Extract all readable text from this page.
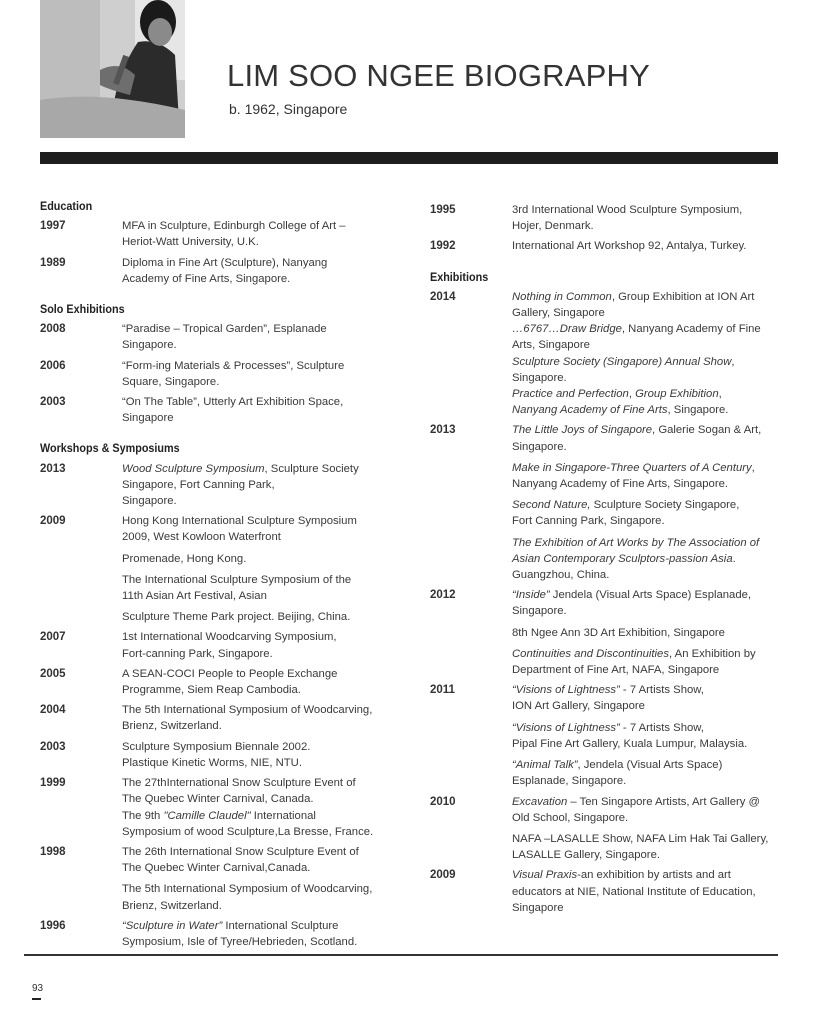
LIM SOO NGEE BIOGRAPHY
b. 1962, Singapore
Education
1997	MFA in Sculpture, Edinburgh College of Art –
Heriot-Watt University, U.K.
1989	Diploma in Fine Art (Sculpture), Nanyang
Academy of Fine Arts, Singapore.
Solo Exhibitions
2008	“Paradise – Tropical Garden”, Esplanade
Singapore.
2006	“Form-ing Materials & Processes”, Sculpture
Square, Singapore.
2003	“On The Table”, Utterly Art Exhibition Space,
Singapore
Workshops & Symposiums
2013	Wood Sculpture Symposium, Sculpture Society
Singapore, Fort Canning Park,
Singapore.
2009	Hong Kong International Sculpture Symposium
2009, West Kowloon Waterfront
Promenade, Hong Kong.
The International Sculpture Symposium of the
11th Asian Art Festival, Asian
Sculpture Theme Park project. Beijing, China.
2007	1st International Woodcarving Symposium,
Fort-canning Park, Singapore.
2005	A SEAN-COCI People to People Exchange
Programme, Siem Reap Cambodia.
2004	The 5th International Symposium of Woodcarving,
Brienz, Switzerland.
2003	Sculpture Symposium Biennale 2002.
Plastique Kinetic Worms, NIE, NTU.
1999	The 27thInternational Snow Sculpture Event of
The Quebec Winter Carnival, Canada.
The 9th "Camille Claudel" International
Symposium of wood Sculpture,La Bresse, France.
1998	The 26th International Snow Sculpture Event of
The Quebec Winter Carnival,Canada.
The 5th International Symposium of Woodcarving,
Brienz, Switzerland.
1996	“Sculpture in Water” International Sculpture
Symposium, Isle of Tyree/Hebrieden, Scotland.
1995	3rd International Wood Sculpture Symposium,
Hojer, Denmark.
1992	International Art Workshop 92, Antalya, Turkey.
Exhibitions
2014	Nothing in Common, Group Exhibition at ION Art
Gallery, Singapore
…6767…Draw Bridge, Nanyang Academy of Fine
Arts, Singapore
Sculpture Society (Singapore) Annual Show,
Singapore.
Practice and Perfection, Group Exhibition,
Nanyang Academy of Fine Arts, Singapore.
2013	The Little Joys of Singapore, Galerie Sogan & Art,
Singapore.
Make in Singapore-Three Quarters of A Century,
Nanyang Academy of Fine Arts, Singapore.
Second Nature, Sculpture Society Singapore,
Fort Canning Park, Singapore.
The Exhibition of Art Works by The Association of
Asian Contemporary Sculptors-passion Asia.
Guangzhou, China.
2012	“Inside” Jendela (Visual Arts Space) Esplanade,
Singapore.
8th Ngee Ann 3D Art Exhibition, Singapore
Continuities and Discontinuities, An Exhibition by
Department of Fine Art, NAFA, Singapore
2011	“Visions of Lightness” - 7 Artists Show,
ION Art Gallery, Singapore
“Visions of Lightness” - 7 Artists Show,
Pipal Fine Art Gallery, Kuala Lumpur, Malaysia.
“Animal Talk”, Jendela (Visual Arts Space)
Esplanade, Singapore.
2010	Excavation – Ten Singapore Artists, Art Gallery @
Old School, Singapore.
NAFA –LASALLE Show, NAFA Lim Hak Tai Gallery,
LASALLE Gallery, Singapore.
2009	Visual Praxis-an exhibition by artists and art
educators at NIE, National Institute of Education,
Singapore
93
